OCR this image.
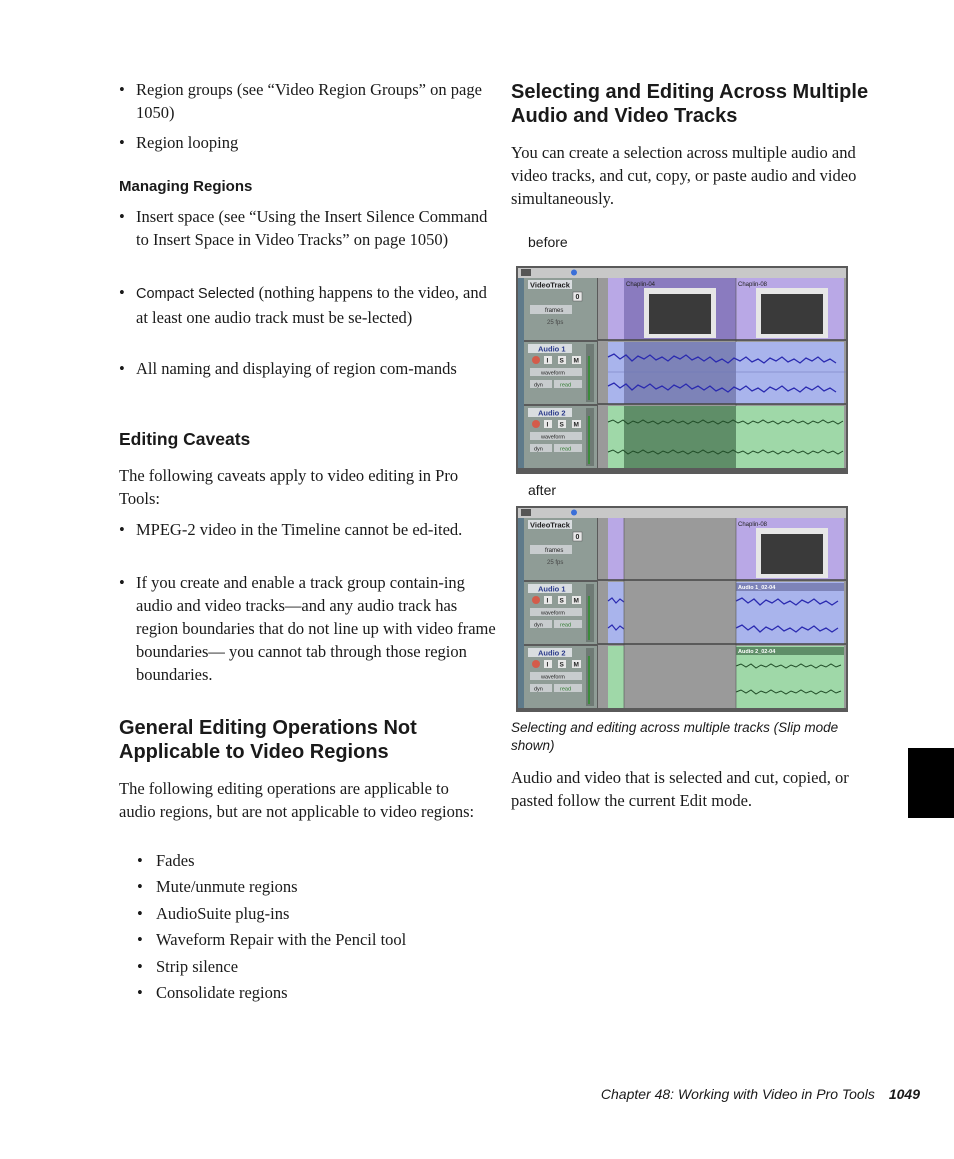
• Region groups (see “Video Region Groups” on page 1050)
• Region looping
Managing Regions
• Insert space (see “Using the Insert Silence Command to Insert Space in Video Tracks” on page 1050)
• Compact Selected (nothing happens to the video, and at least one audio track must be se-lected)
• All naming and displaying of region com-mands
Editing Caveats
The following caveats apply to video editing in Pro Tools:
• MPEG-2 video in the Timeline cannot be ed-ited.
• If you create and enable a track group contain-ing audio and video tracks—and any audio track has region boundaries that do not line up with video frame boundaries— you cannot tab through those region boundaries.
General Editing Operations Not Applicable to Video Regions
The following editing operations are applicable to audio regions, but are not applicable to video regions:
• Fades
• Mute/unmute regions
• AudioSuite plug-ins
• Waveform Repair with the Pencil tool
• Strip silence
• Consolidate regions
Selecting and Editing Across Multiple Audio and Video Tracks
You can create a selection across multiple audio and video tracks, and cut, copy, or paste audio and video simultaneously.
before
VideoTrack
0
frames
25 fps
Audio 1
I S M
waveform
dyn	read
Audio 2
I S M
waveform
dyn	read
Chaplin-04	Chaplin-08
after
VideoTrack
0
frames
25 fps
Audio 1
I S M
waveform
dyn	read
Audio 2
I S M
waveform
dyn	read
Chaplin-08
Audio 1_02-04
Audio 2_02-04
Selecting and editing across multiple tracks (Slip mode shown)
Audio and video that is selected and cut, copied, or pasted follow the current Edit mode.
Chapter 48: Working with Video in Pro Tools 1049
